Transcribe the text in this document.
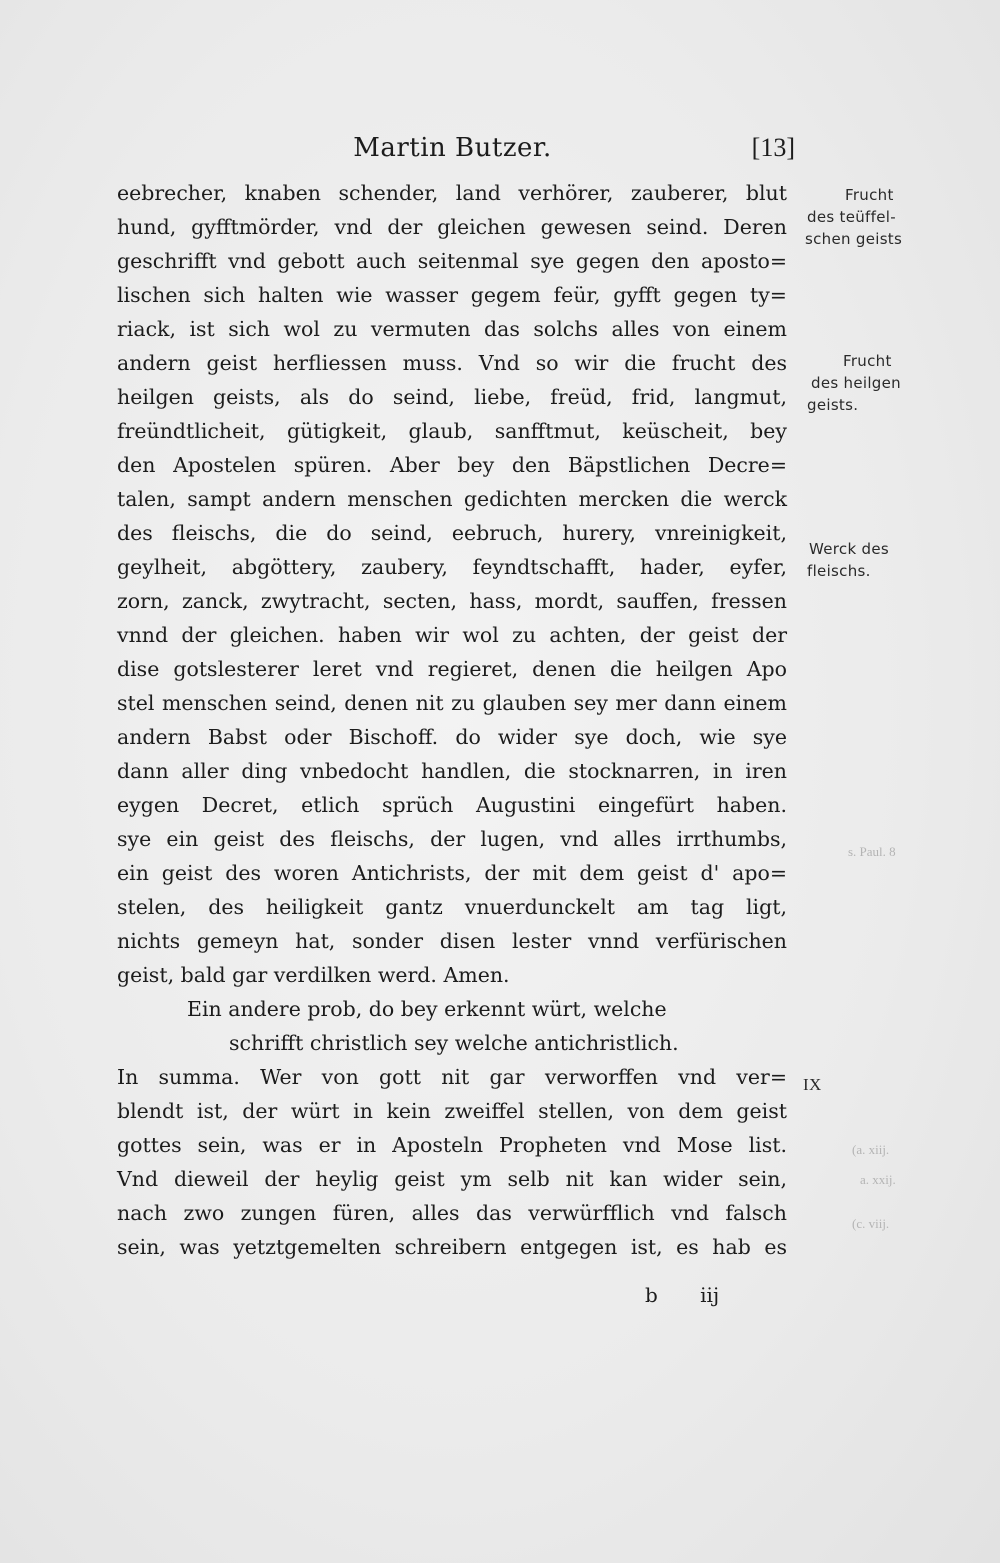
Martin Butzer.	[13]
eebrecher, knaben schender, land verhörer, zauberer, blut
hund, gyfftmörder, vnd der gleichen gewesen seind. Deren
geschrifft vnd gebott auch seitenmal sye gegen den aposto=
lischen sich halten wie wasser gegem feür, gyfft gegen ty=
riack, ist sich wol zu vermuten das solchs alles von einem
andern geist herfliessen muss. Vnd so wir die frucht des
heilgen geists, als do seind, liebe, freüd, frid, langmut,
freündtlicheit, gütigkeit, glaub, sanfftmut, keüscheit, bey
den Apostelen spüren. Aber bey den Bäpstlichen Decre=
talen, sampt andern menschen gedichten mercken die werck
des fleischs, die do seind, eebruch, hurery, vnreinigkeit,
geylheit, abgöttery, zaubery, feyndtschafft, hader, eyfer,
zorn, zanck, zwytracht, secten, hass, mordt, sauffen, fressen
vnnd der gleichen. haben wir wol zu achten, der geist der
dise gotslesterer leret vnd regieret, denen die heilgen Apo
stel menschen seind, denen nit zu glauben sey mer dann einem
andern Babst oder Bischoff. do wider sye doch, wie sye
dann aller ding vnbedocht handlen, die stocknarren, in iren
eygen Decret, etlich sprüch Augustini eingefürt haben.
sye ein geist des fleischs, der lugen, vnd alles irrthumbs,
ein geist des woren Antichrists, der mit dem geist d' apo=
stelen, des heiligkeit gantz vnuerdunckelt am tag ligt,
nichts gemeyn hat, sonder disen lester vnnd verfürischen
geist, bald gar verdilken werd. Amen.
Ein andere prob, do bey erkennt würt, welche
schrifft christlich sey welche antichristlich.
In summa. Wer von gott nit gar verworffen vnd ver=
blendt ist, der würt in kein zweiffel stellen, von dem geist
gottes sein, was er in Aposteln Propheten vnd Mose list.
Vnd dieweil der heylig geist ym selb nit kan wider sein,
nach zwo zungen füren, alles das verwürfflich vnd falsch
sein, was yetztgemelten schreibern entgegen ist, es hab es
b iij
Frucht
des teüffel-
schen geists
Frucht
des heilgen
geists.
Werck des
fleischs.
IX
s. Paul. 8
(a. xiij.
a. xxij.
(c. viij.
